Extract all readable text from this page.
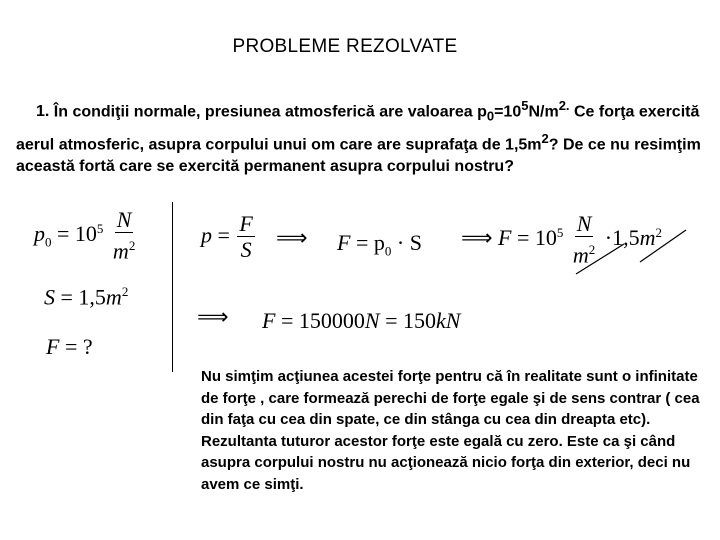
PROBLEME REZOLVATE
1. În condiţii normale, presiunea atmosferică are valoarea $p_0=10^5N/m^{2.}$ Ce forţa exercită aerul atmosferic, asupra corpului unui om care are suprafaţa de $1,5m^2$? De ce nu resimţim această fortă care se exercită permanent asupra corpului nostru?
$p_0 = 10^5 \frac{N}{m^2}$
$S = 1,5m^2$
F = ?
$p = \frac{F}{S}$ ⟹ $F = p_0 \cdot S$ ⟹ $F = 10^5 \frac{N}{m^2} \cdot 1,5m^2$
⟹ F = 150000N = 150kN
Nu simţim acţiunea acestei forţe pentru că în realitate sunt o infinitate de forţe , care formează perechi de forţe egale şi de sens contrar ( cea din faţa cu cea din spate, ce din stânga cu cea din dreapta etc). Rezultanta tuturor acestor forţe este egală cu zero. Este ca şi când asupra corpului nostru nu acţionează nicio forţa din exterior, deci nu avem ce simţi.
